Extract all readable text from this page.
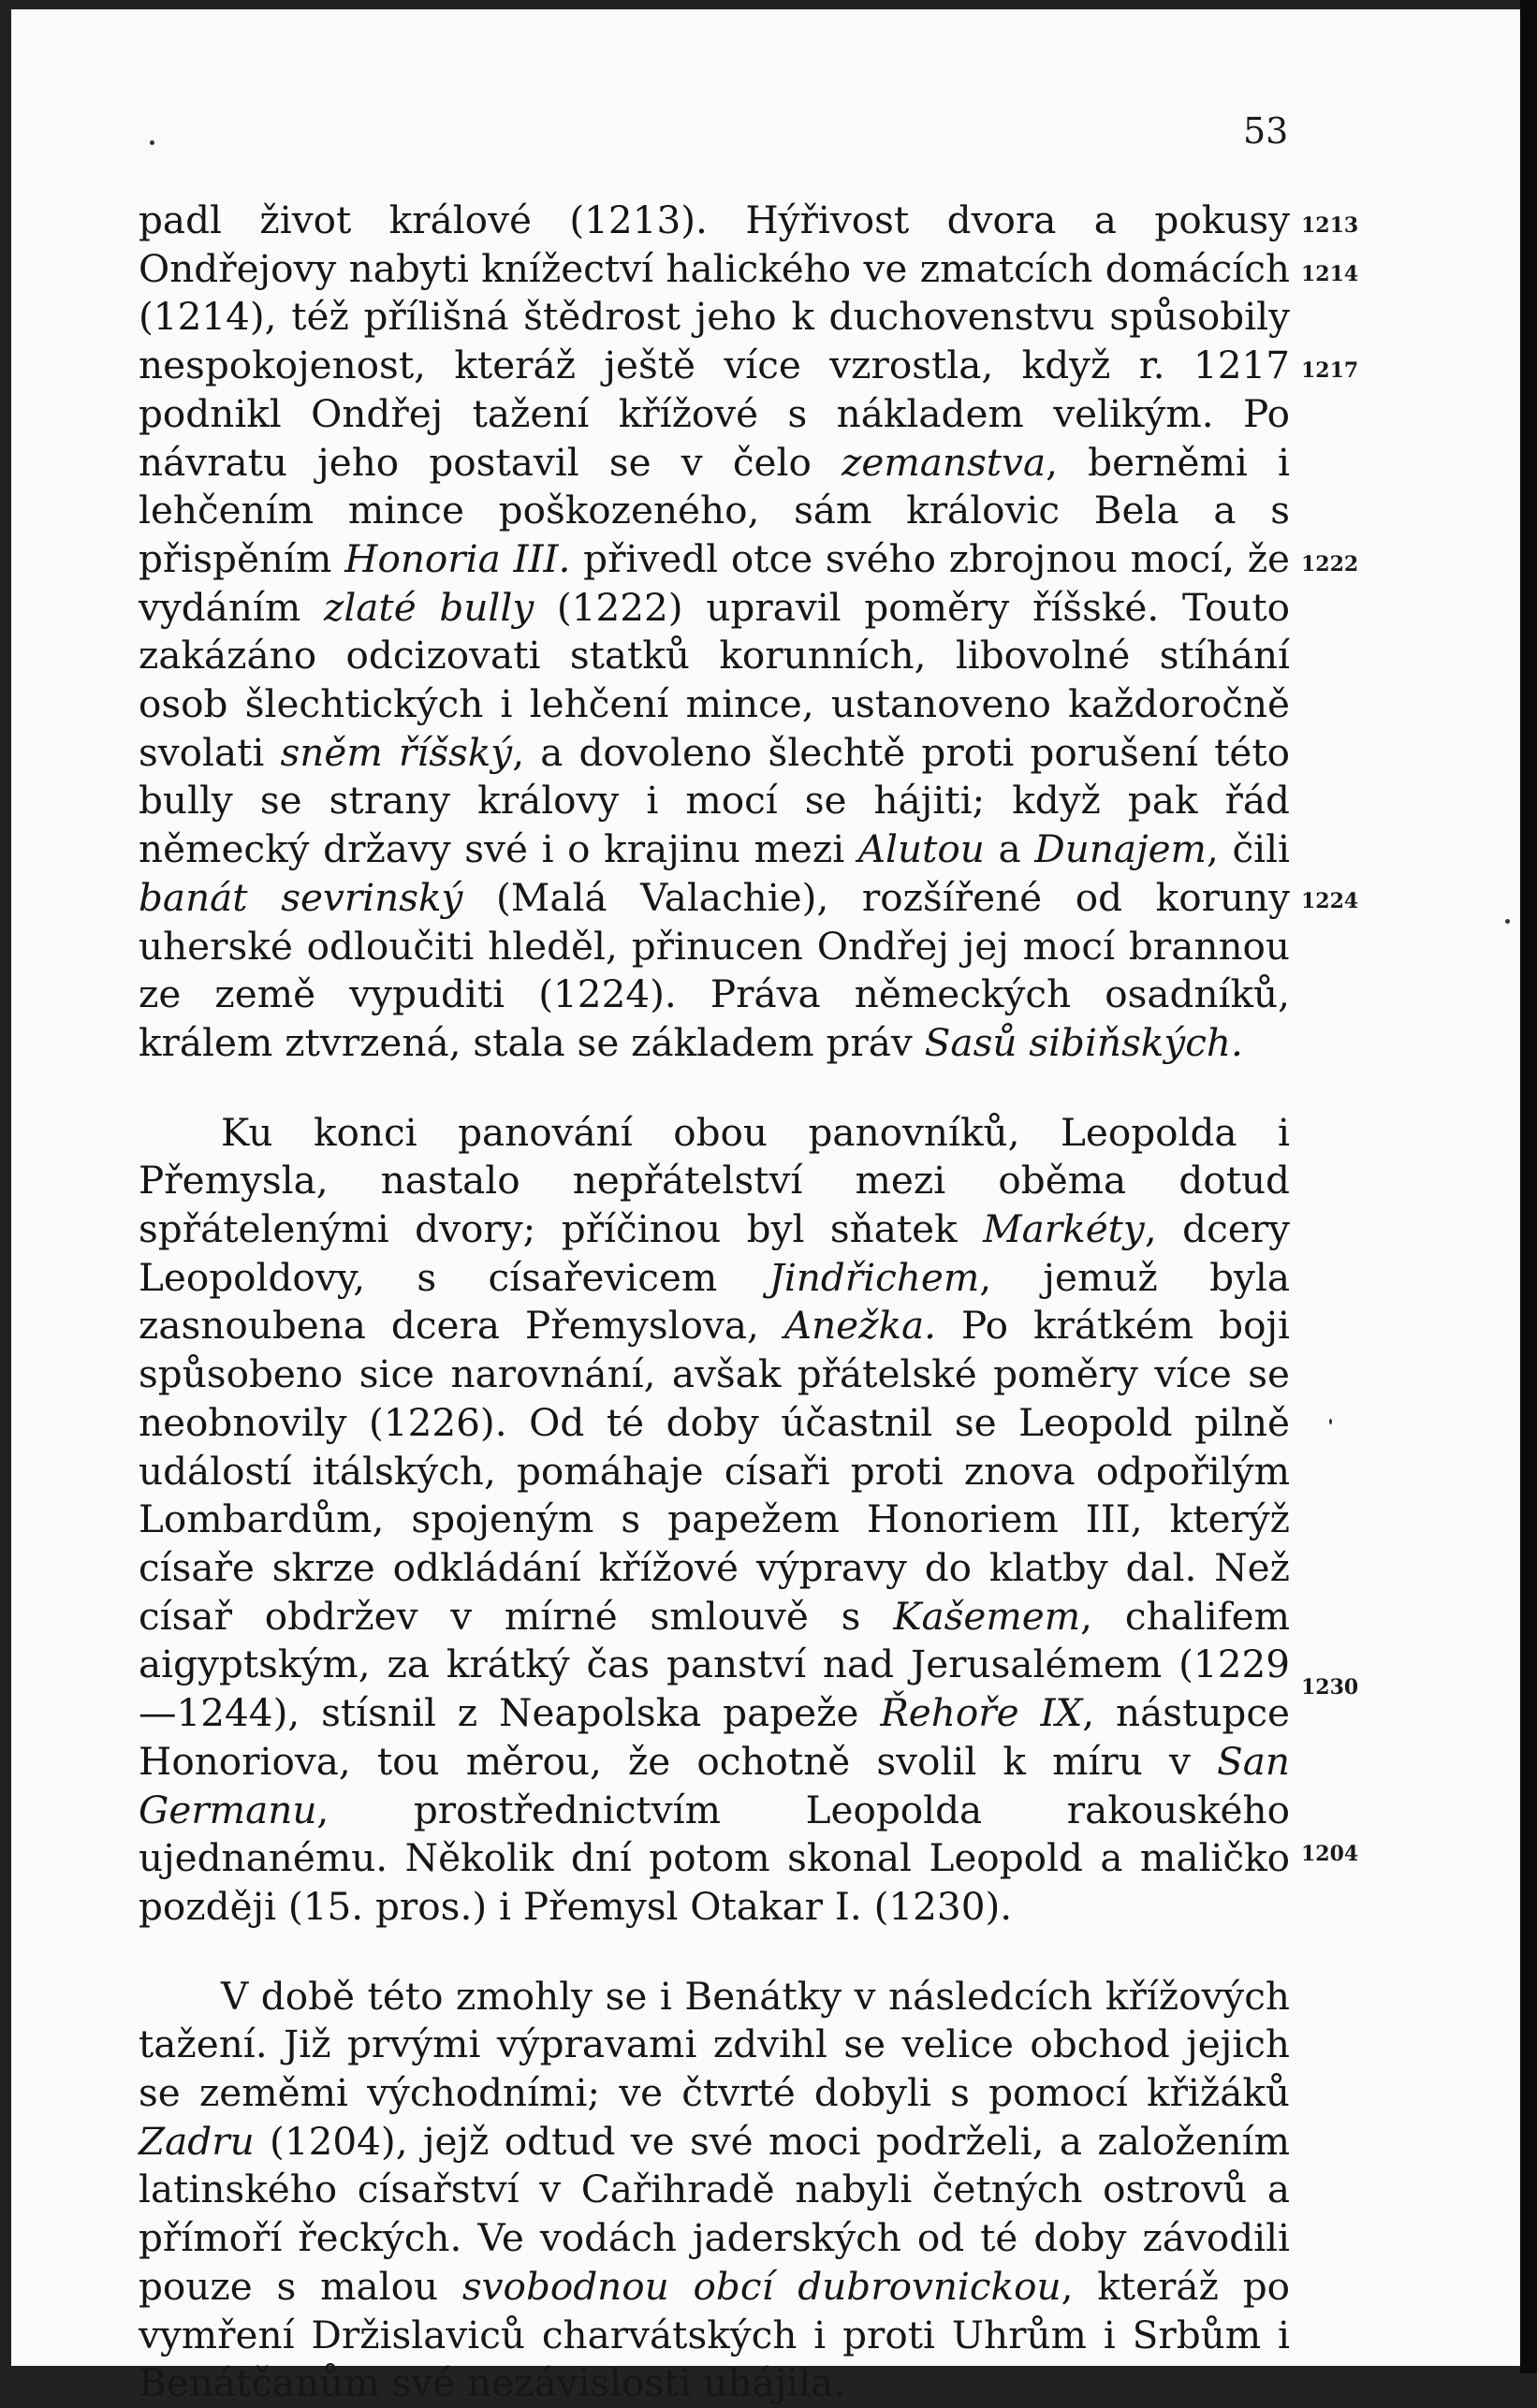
53

padl život králové (1213). Hýřivost dvora a pokusy Ondřejovy nabyti knížectví halického ve zmatcích domácích (1214), též přílišná štědrost jeho k duchovenstvu spůsobily nespokojenost, kteráž ještě více vzrostla, když r. 1217 podnikl Ondřej tažení křížové s nákladem velikým. Po návratu jeho postavil se v čelo zemanstva, berněmi i lehčením mince poškozeného, sám královic Bela a s přispěním Honoria III. přivedl otce svého zbrojnou mocí, že vydáním zlaté bully (1222) upravil poměry říšské. Touto zakázáno odcizovati statků korunních, libovolné stíhání osob šlechtických i lehčení mince, ustanoveno každoročně svolati sněm říšský, a dovoleno šlechtě proti porušení této bully se strany královy i mocí se hájiti; když pak řád německý državy své i o krajinu mezi Alutou a Dunajem, čili banát sevrinský (Malá Valachie), rozšířené od koruny uherské odloučiti hleděl, přinucen Ondřej jej mocí brannou ze země vypuditi (1224). Práva německých osadníků, králem ztvrzená, stala se základem práv Sasů sibiňských.

Ku konci panování obou panovníků, Leopolda i Přemysla, nastalo nepřátelství mezi oběma dotud spřátelenými dvory; příčinou byl sňatek Markéty, dcery Leopoldovy, s císařevicem Jindřichem, jemuž byla zasnoubena dcera Přemyslova, Anežka. Po krátkém boji spůsobeno sice narovnání, avšak přátelské poměry více se neobnovily (1226). Od té doby účastnil se Leopold pilně událostí itálských, pomáhaje císaři proti znova odpořilým Lombardům, spojeným s papežem Honoriem III, kterýž císaře skrze odkládání křížové výpravy do klatby dal. Než císař obdržev v mírné smlouvě s Kašemem, chalifem aigyptským, za krátký čas panství nad Jerusalémem (1229—1244), stísnil z Neapolska papeže Řehoře IX, nástupce Honoriova, tou měrou, že ochotně svolil k míru v San Germanu, prostřednictvím Leopolda rakouského ujednanému. Několik dní potom skonal Leopold a maličko později (15. pros.) i Přemysl Otakar I. (1230).

V době této zmohly se i Benátky v následcích křížových tažení. Již prvými výpravami zdvihl se velice obchod jejich se zeměmi východními; ve čtvrté dobyli s pomocí křižáků Zadru (1204), jejž odtud ve své moci podrželi, a založením latinského císařství v Cařihradě nabyli četných ostrovů a přímoří řeckých. Ve vodách jaderských od té doby závodili pouze s malou svobodnou obcí dubrovnickou, kteráž po vymření Držislaviců charvátských i proti Uhrům i Srbům i Benátčanům své nezávislosti uhájila.

1213

1214

1217

1222

1224

1230

1204
